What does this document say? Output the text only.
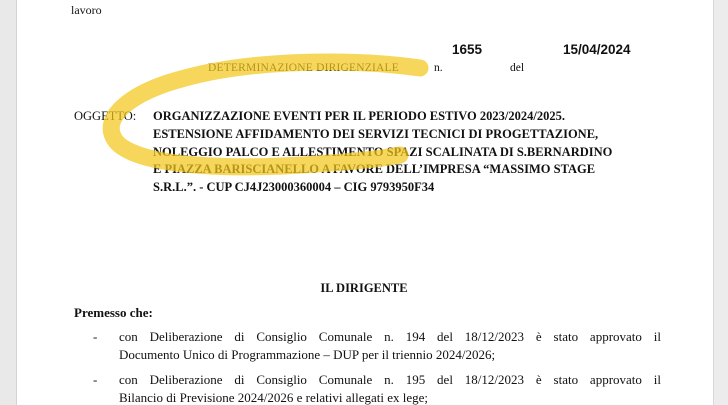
lavoro
1655	15/04/2024
DETERMINAZIONE DIRIGENZIALE	n.	del
OGGETTO: ORGANIZZAZIONE EVENTI PER IL PERIODO ESTIVO 2023/2024/2025.
ESTENSIONE AFFIDAMENTO DEI SERVIZI TECNICI DI PROGETTAZIONE,
NOLEGGIO PALCO E ALLESTIMENTO SPAZI SCALINATA DI S.BERNARDINO
E PIAZZA BARISCIANELLO A FAVORE DELL’IMPRESA “MASSIMO STAGE
S.R.L.”. - CUP CJ4J23000360004 – CIG 9793950F34
IL DIRIGENTE
Premesso che:
- con Deliberazione di Consiglio Comunale n. 194 del 18/12/2023 è stato approvato il
Documento Unico di Programmazione – DUP per il triennio 2024/2026;
- con Deliberazione di Consiglio Comunale n. 195 del 18/12/2023 è stato approvato il
Bilancio di Previsione 2024/2026 e relativi allegati ex lege;
